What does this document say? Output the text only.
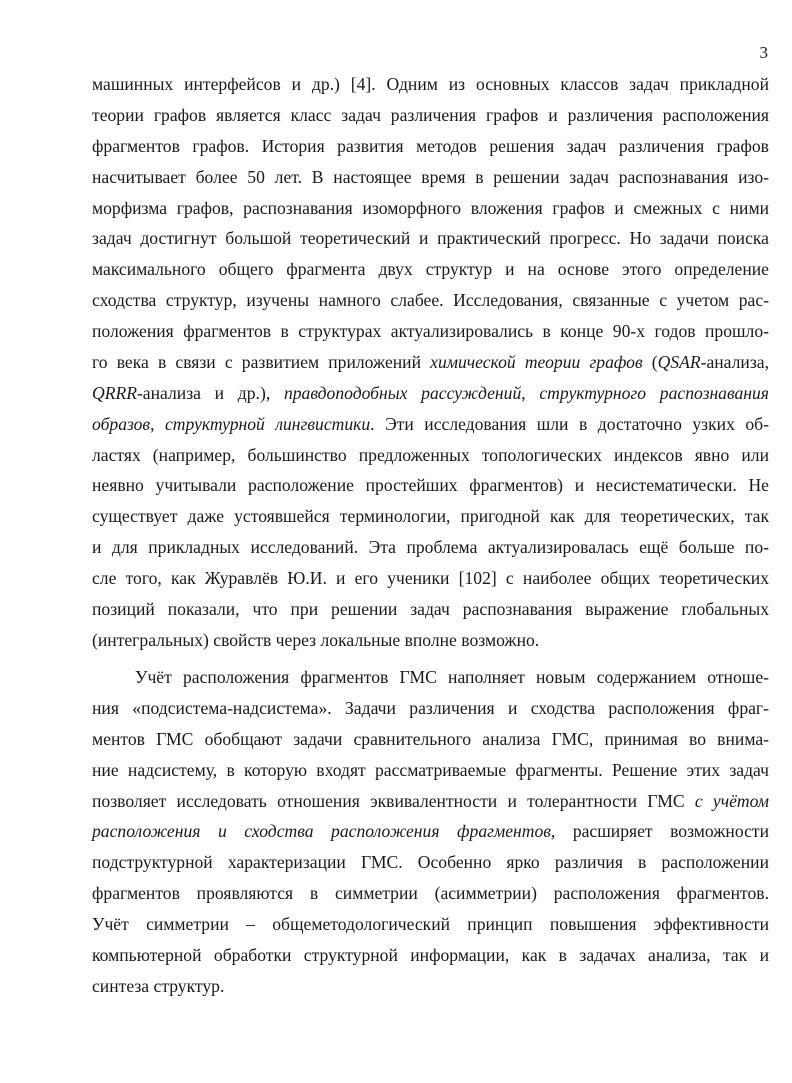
3
машинных интерфейсов и др.) [4]. Одним из основных классов задач прикладной
теории графов является класс задач различения графов и различения расположения
фрагментов графов. История развития методов решения задач различения графов
насчитывает более 50 лет. В настоящее время в решении задач распознавания изо-
морфизма графов, распознавания изоморфного вложения графов и смежных с ними
задач достигнут большой теоретический и практический прогресс. Но задачи поиска
максимального общего фрагмента двух структур и на основе этого определение
сходства структур, изучены намного слабее. Исследования, связанные с учетом рас-
положения фрагментов в структурах актуализировались в конце 90-х годов прошло-
го века в связи с развитием приложений химической теории графов (QSAR-анализа,
QRRR-анализа и др.), правдоподобных рассуждений, структурного распознавания
образов, структурной лингвистики. Эти исследования шли в достаточно узких об-
ластях (например, большинство предложенных топологических индексов явно или
неявно учитывали расположение простейших фрагментов) и несистематически. Не
существует даже устоявшейся терминологии, пригодной как для теоретических, так
и для прикладных исследований. Эта проблема актуализировалась ещё больше по-
сле того, как Журавлёв Ю.И. и его ученики [102] с наиболее общих теоретических
позиций показали, что при решении задач распознавания выражение глобальных
(интегральных) свойств через локальные вполне возможно.
Учёт расположения фрагментов ГМС наполняет новым содержанием отноше-
ния «подсистема-надсистема». Задачи различения и сходства расположения фраг-
ментов ГМС обобщают задачи сравнительного анализа ГМС, принимая во внима-
ние надсистему, в которую входят рассматриваемые фрагменты. Решение этих задач
позволяет исследовать отношения эквивалентности и толерантности ГМС с учётом
расположения и сходства расположения фрагментов, расширяет возможности
подструктурной характеризации ГМС. Особенно ярко различия в расположении
фрагментов проявляются в симметрии (асимметрии) расположения фрагментов.
Учёт симметрии – общеметодологический принцип повышения эффективности
компьютерной обработки структурной информации, как в задачах анализа, так и
синтеза структур.
